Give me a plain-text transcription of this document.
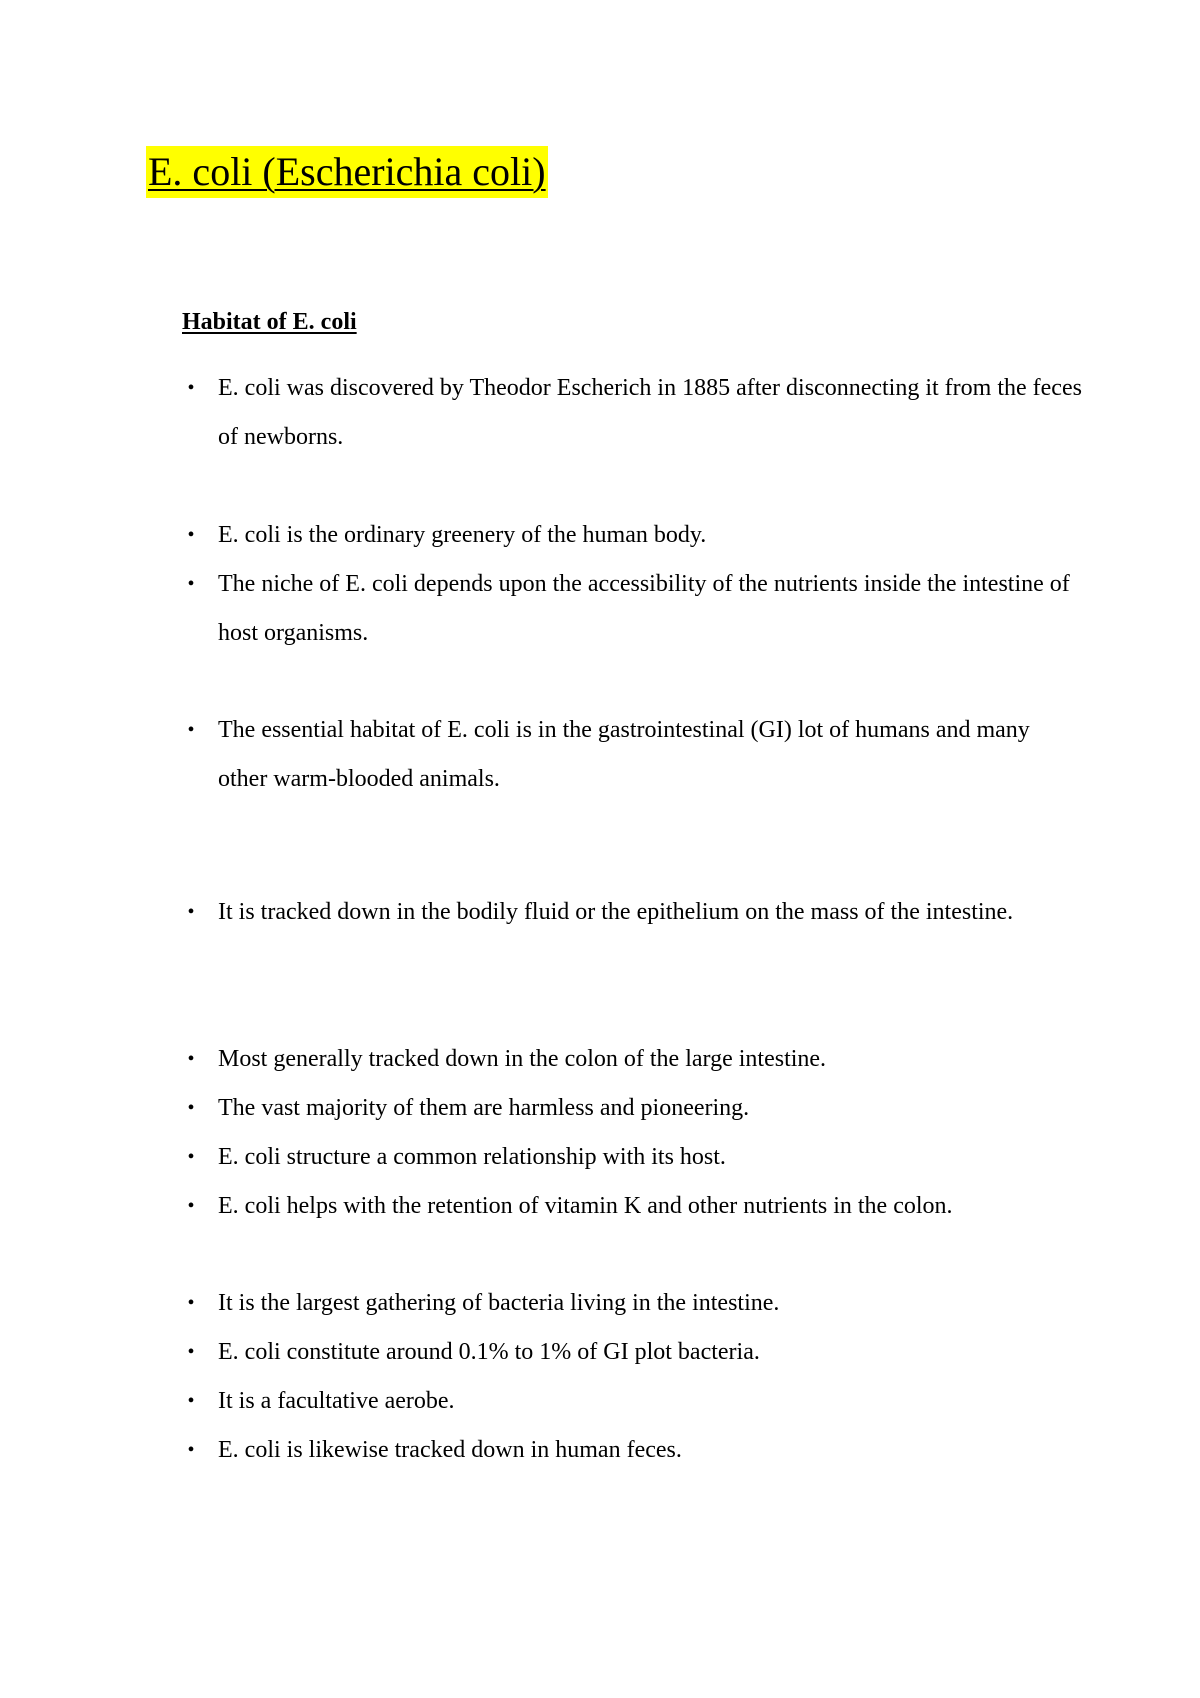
E. coli (Escherichia coli)
Habitat of E. coli
• E. coli was discovered by Theodor Escherich in 1885 after disconnecting it from the feces of newborns.
• E. coli is the ordinary greenery of the human body.
• The niche of E. coli depends upon the accessibility of the nutrients inside the intestine of host organisms.
• The essential habitat of E. coli is in the gastrointestinal (GI) lot of humans and many other warm-blooded animals.
• It is tracked down in the bodily fluid or the epithelium on the mass of the intestine.
• Most generally tracked down in the colon of the large intestine.
• The vast majority of them are harmless and pioneering.
• E. coli structure a common relationship with its host.
• E. coli helps with the retention of vitamin K and other nutrients in the colon.
• It is the largest gathering of bacteria living in the intestine.
• E. coli constitute around 0.1% to 1% of GI plot bacteria.
• It is a facultative aerobe.
• E. coli is likewise tracked down in human feces.
